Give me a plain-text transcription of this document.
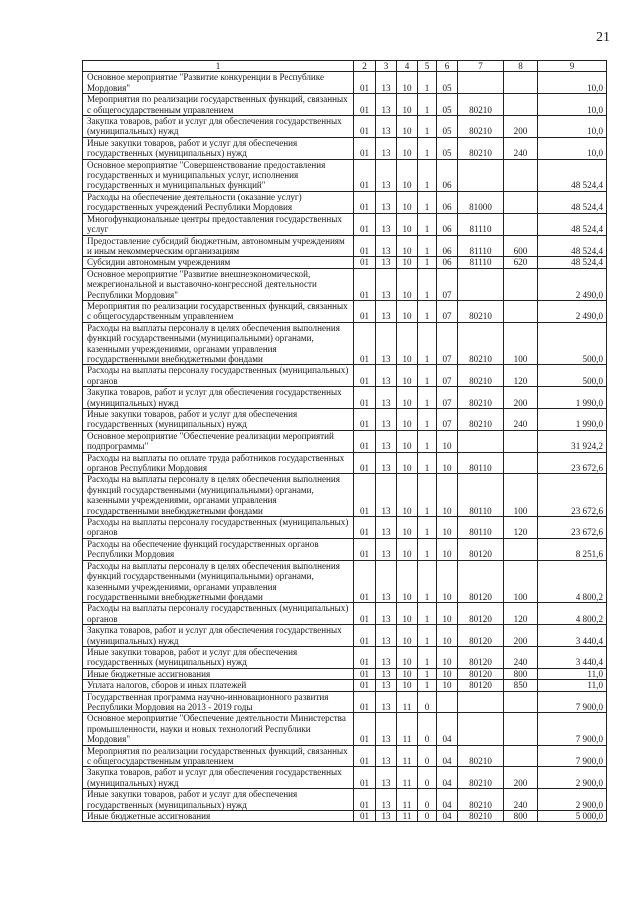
21
1	2	3	4	5	6	7	8	9
Основное мероприятие "Развитие конкуренции в Республике Мордовия"	01	13	10	1	05			10,0
Мероприятия по реализации государственных функций, связанных с общегосударственным управлением	01	13	10	1	05	80210		10,0
Закупка товаров, работ и услуг для обеспечения государственных (муниципальных) нужд	01	13	10	1	05	80210	200	10,0
Иные закупки товаров, работ и услуг для обеспечения государственных (муниципальных) нужд	01	13	10	1	05	80210	240	10,0
Основное мероприятие "Совершенствование предоставления государственных и муниципальных услуг, исполнения государственных и муниципальных функций"	01	13	10	1	06			48 524,4
Расходы на обеспечение деятельности (оказание услуг) государственных учреждений Республики Мордовия	01	13	10	1	06	81000		48 524,4
Многофункциональные центры предоставления государственных услуг	01	13	10	1	06	81110		48 524,4
Предоставление субсидий бюджетным, автономным учреждениям и иным некоммерческим организациям	01	13	10	1	06	81110	600	48 524,4
Субсидии автономным учреждениям	01	13	10	1	06	81110	620	48 524,4
Основное мероприятие "Развитие внешнеэкономической, межрегиональной и выставочно-конгрессной деятельности Республики Мордовия"	01	13	10	1	07			2 490,0
Мероприятия по реализации государственных функций, связанных с общегосударственным управлением	01	13	10	1	07	80210		2 490,0
Расходы на выплаты персоналу в целях обеспечения выполнения функций государственными (муниципальными) органами, казенными учреждениями, органами управления государственными внебюджетными фондами	01	13	10	1	07	80210	100	500,0
Расходы на выплаты персоналу государственных (муниципальных) органов	01	13	10	1	07	80210	120	500,0
Закупка товаров, работ и услуг для обеспечения государственных (муниципальных) нужд	01	13	10	1	07	80210	200	1 990,0
Иные закупки товаров, работ и услуг для обеспечения государственных (муниципальных) нужд	01	13	10	1	07	80210	240	1 990,0
Основное мероприятие "Обеспечение реализации мероприятий подпрограммы"	01	13	10	1	10			31 924,2
Расходы на выплаты по оплате труда работников государственных органов Республики Мордовия	01	13	10	1	10	80110		23 672,6
Расходы на выплаты персоналу в целях обеспечения выполнения функций государственными (муниципальными) органами, казенными учреждениями, органами управления государственными внебюджетными фондами	01	13	10	1	10	80110	100	23 672,6
Расходы на выплаты персоналу государственных (муниципальных) органов	01	13	10	1	10	80110	120	23 672,6
Расходы на обеспечение функций государственных органов Республики Мордовия	01	13	10	1	10	80120		8 251,6
Расходы на выплаты персоналу в целях обеспечения выполнения функций государственными (муниципальными) органами, казенными учреждениями, органами управления государственными внебюджетными фондами	01	13	10	1	10	80120	100	4 800,2
Расходы на выплаты персоналу государственных (муниципальных) органов	01	13	10	1	10	80120	120	4 800,2
Закупка товаров, работ и услуг для обеспечения государственных (муниципальных) нужд	01	13	10	1	10	80120	200	3 440,4
Иные закупки товаров, работ и услуг для обеспечения государственных (муниципальных) нужд	01	13	10	1	10	80120	240	3 440,4
Иные бюджетные ассигнования	01	13	10	1	10	80120	800	11,0
Уплата налогов, сборов и иных платежей	01	13	10	1	10	80120	850	11,0
Государственная программа научно-инновационного развития Республики Мордовия на 2013 - 2019 годы	01	13	11	0				7 900,0
Основное мероприятие "Обеспечение деятельности Министерства промышленности, науки и новых технологий Республики Мордовия"	01	13	11	0	04			7 900,0
Мероприятия по реализации государственных функций, связанных с общегосударственным управлением	01	13	11	0	04	80210		7 900,0
Закупка товаров, работ и услуг для обеспечения государственных (муниципальных) нужд	01	13	11	0	04	80210	200	2 900,0
Иные закупки товаров, работ и услуг для обеспечения государственных (муниципальных) нужд	01	13	11	0	04	80210	240	2 900,0
Иные бюджетные ассигнования	01	13	11	0	04	80210	800	5 000,0
